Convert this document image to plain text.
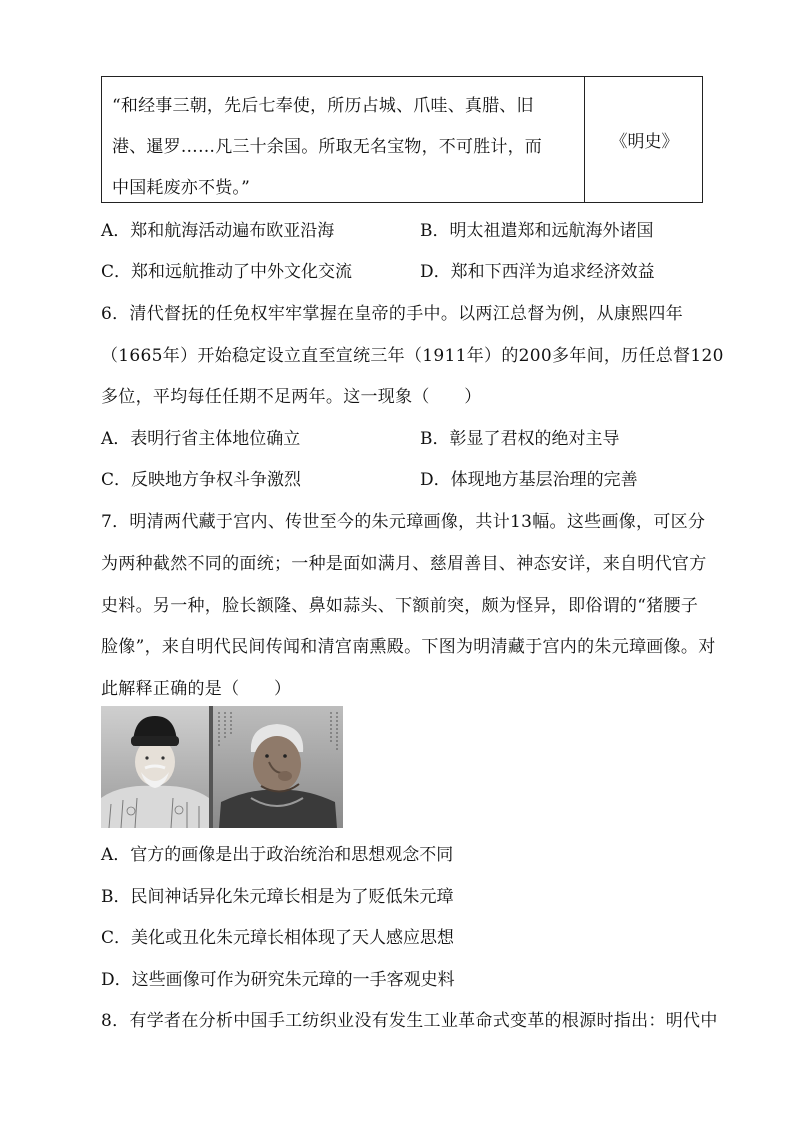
“和经事三朝，先后七奉使，所历占城、爪哇、真腊、旧
港、暹罗……凡三十余国。所取无名宝物，不可胜计，而
中国耗废亦不赀。”
《明史》
A．郑和航海活动遍布欧亚沿海	B．明太祖遣郑和远航海外诸国
C．郑和远航推动了中外文化交流	D．郑和下西洋为追求经济效益
6．清代督抚的任免权牢牢掌握在皇帝的手中。以两江总督为例，从康熙四年
（1665年）开始稳定设立直至宣统三年（1911年）的200多年间，历任总督120
多位，平均每任任期不足两年。这一现象（　　）
A．表明行省主体地位确立	B．彰显了君权的绝对主导
C．反映地方争权斗争激烈	D．体现地方基层治理的完善
7．明清两代藏于宫内、传世至今的朱元璋画像，共计13幅。这些画像，可区分
为两种截然不同的面统；一种是面如满月、慈眉善目、神态安详，来自明代官方
史料。另一种，脸长额隆、鼻如蒜头、下额前突，颇为怪异，即俗谓的“猪腰子
脸像”，来自明代民间传闻和清宫南熏殿。下图为明清藏于宫内的朱元璋画像。对
此解释正确的是（　　）
A．官方的画像是出于政治统治和思想观念不同
B．民间神话异化朱元璋长相是为了贬低朱元璋
C．美化或丑化朱元璋长相体现了天人感应思想
D．这些画像可作为研究朱元璋的一手客观史料
8．有学者在分析中国手工纺织业没有发生工业革命式变革的根源时指出：明代中
